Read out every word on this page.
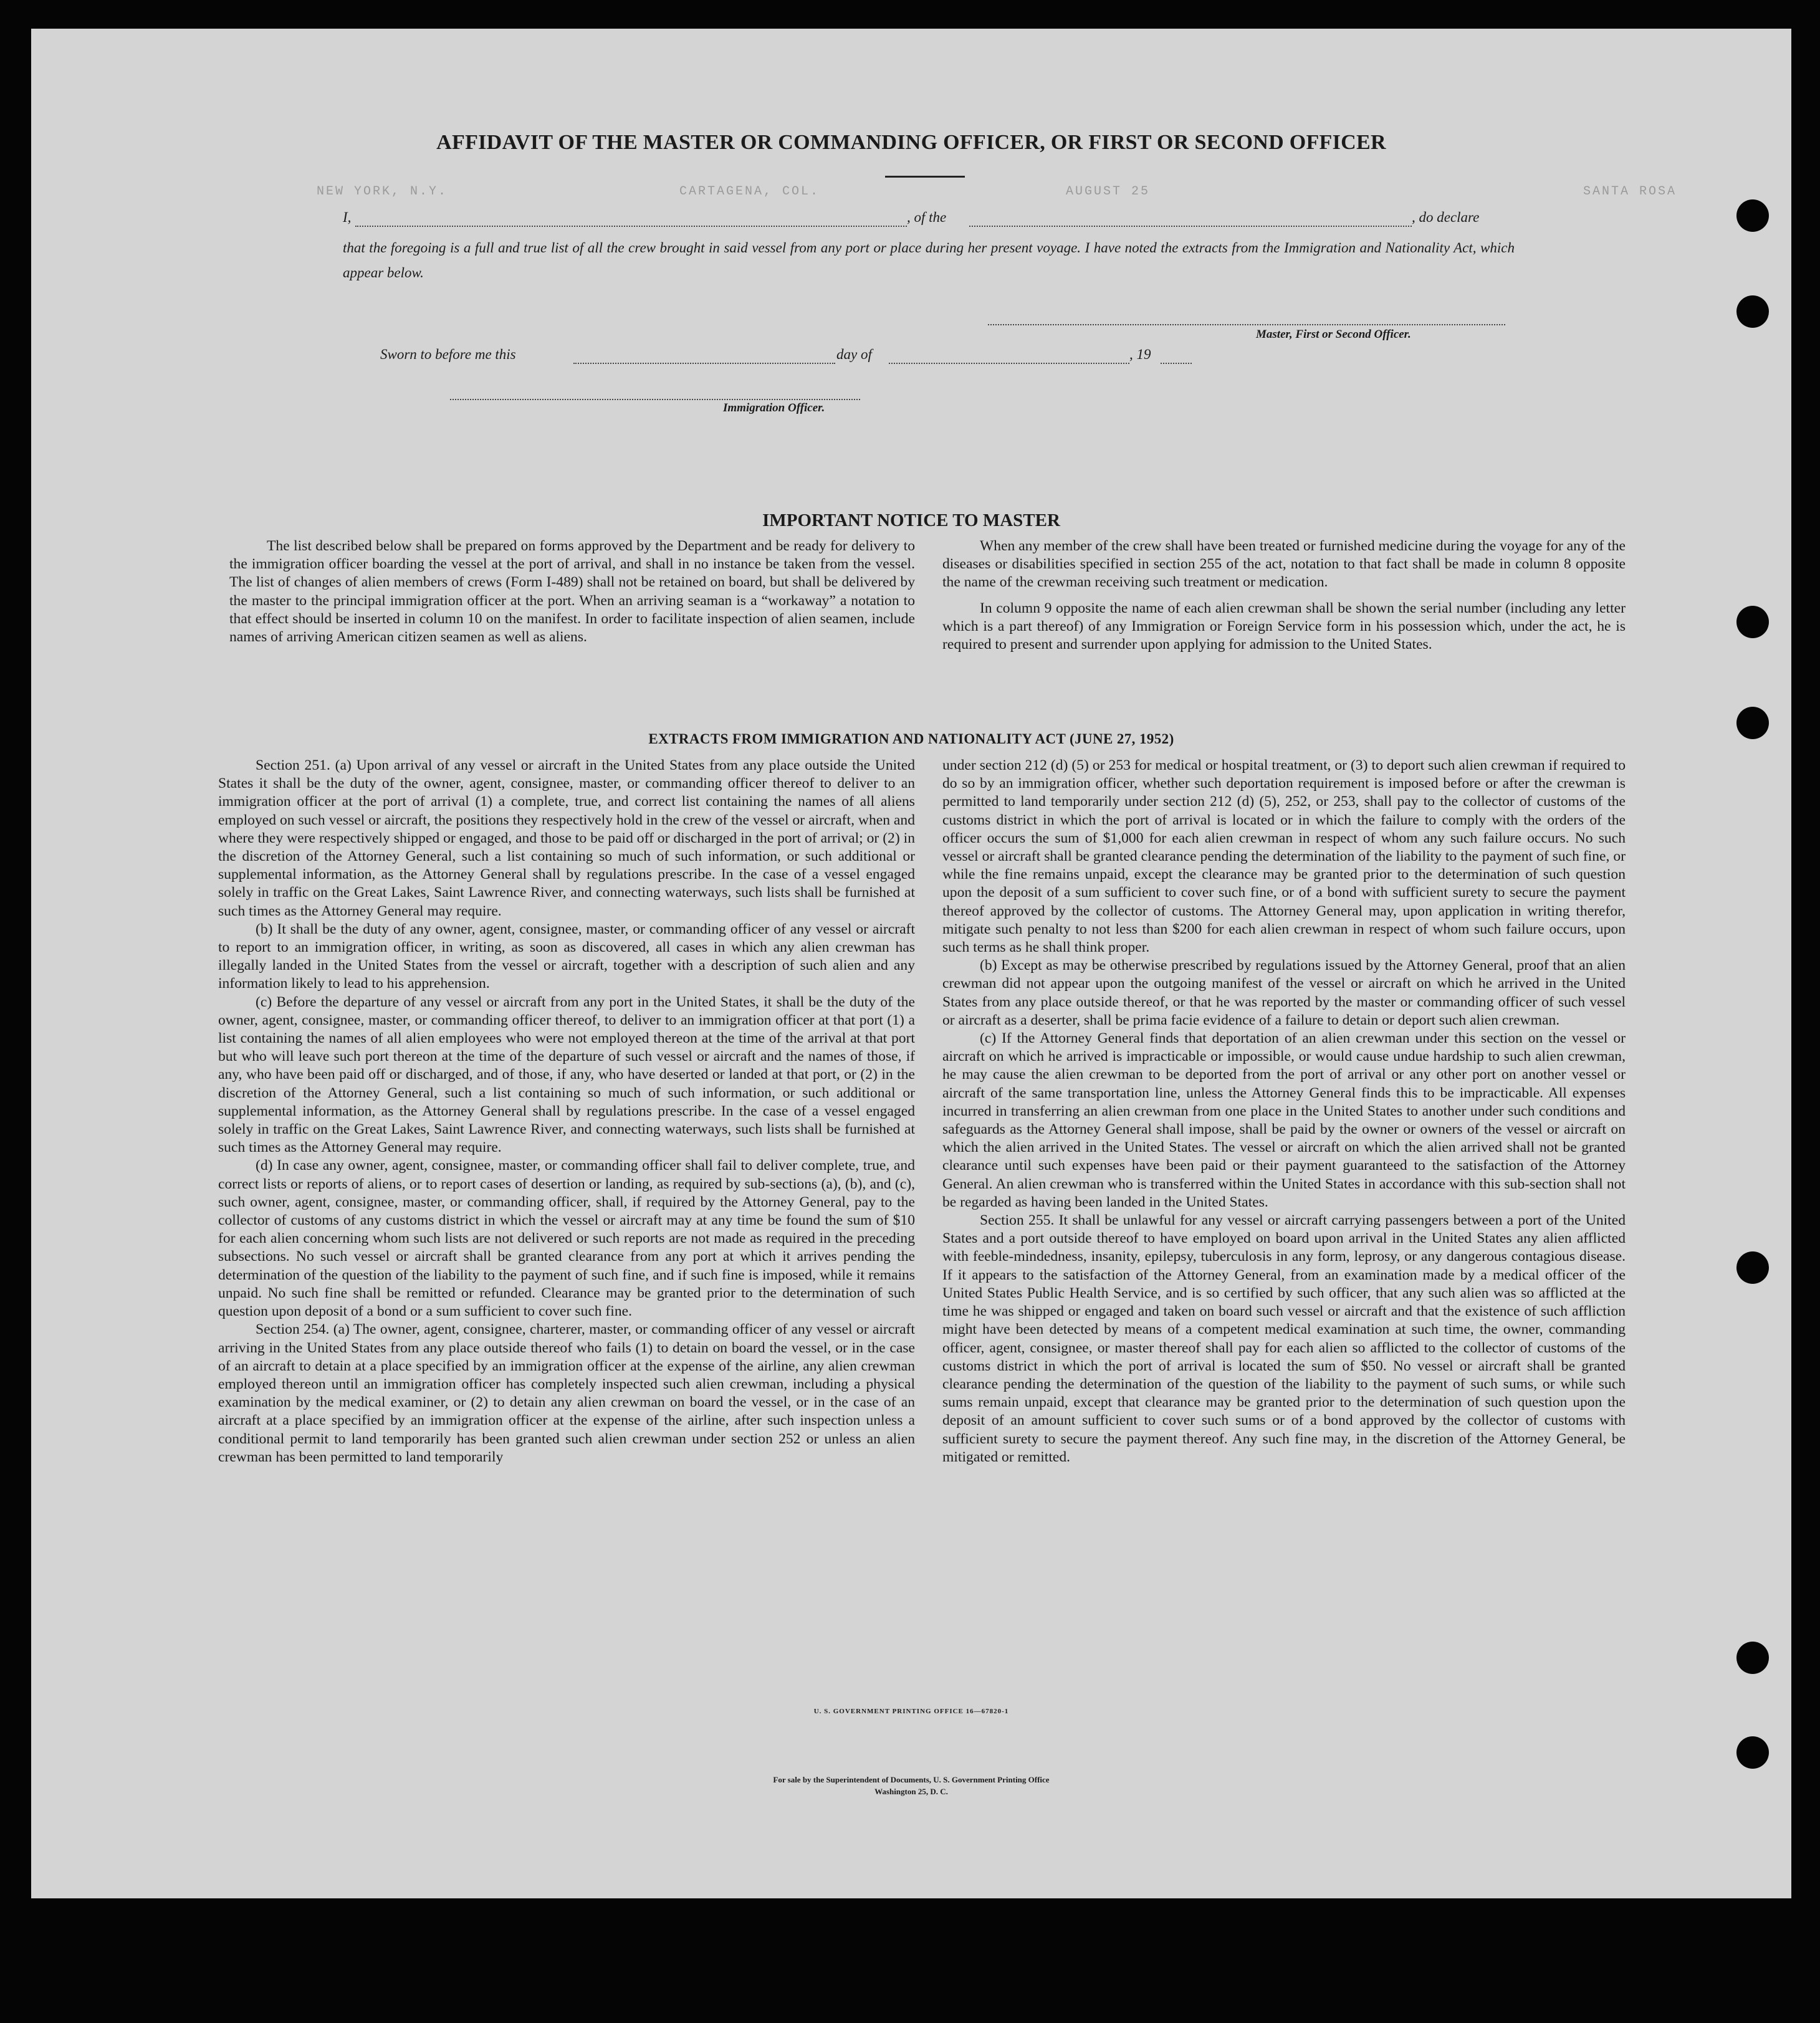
NEW YORK, N.Y.	CARTAGENA, COL.	AUGUST 25	SANTA ROSA
AFFIDAVIT OF THE MASTER OR COMMANDING OFFICER, OR FIRST OR SECOND OFFICER
I,	, of the	, do declare
that the foregoing is a full and true list of all the crew brought in said vessel from any port or place during her present voyage. I have noted the extracts from the Immigration and Nationality Act, which appear below.
Master, First or Second Officer.
Sworn to before me this	day of	, 19
Immigration Officer.
IMPORTANT NOTICE TO MASTER

The list described below shall be prepared on forms approved by the Department and be ready for delivery to the immigration officer boarding the vessel at the port of arrival, and shall in no instance be taken from the vessel. The list of changes of alien members of crews (Form I-489) shall not be retained on board, but shall be delivered by the master to the principal immigration officer at the port. When an arriving seaman is a “workaway” a notation to that effect should be inserted in column 10 on the manifest. In order to facilitate inspection of alien seamen, include names of arriving American citizen seamen as well as aliens.

When any member of the crew shall have been treated or furnished medicine during the voyage for any of the diseases or disabilities specified in section 255 of the act, notation to that fact shall be made in column 8 opposite the name of the crewman receiving such treatment or medication.

In column 9 opposite the name of each alien crewman shall be shown the serial number (including any letter which is a part thereof) of any Immigration or Foreign Service form in his possession which, under the act, he is required to present and surrender upon applying for admission to the United States.

EXTRACTS FROM IMMIGRATION AND NATIONALITY ACT (JUNE 27, 1952)

Section 251. (a) Upon arrival of any vessel or aircraft in the United States from any place outside the United States it shall be the duty of the owner, agent, consignee, master, or commanding officer thereof to deliver to an immigration officer at the port of arrival (1) a complete, true, and correct list containing the names of all aliens employed on such vessel or aircraft, the positions they respectively hold in the crew of the vessel or aircraft, when and where they were respectively shipped or engaged, and those to be paid off or discharged in the port of arrival; or (2) in the discretion of the Attorney General, such a list containing so much of such information, or such additional or supplemental information, as the Attorney General shall by regulations prescribe. In the case of a vessel engaged solely in traffic on the Great Lakes, Saint Lawrence River, and connecting waterways, such lists shall be furnished at such times as the Attorney General may require.

(b) It shall be the duty of any owner, agent, consignee, master, or commanding officer of any vessel or aircraft to report to an immigration officer, in writing, as soon as discovered, all cases in which any alien crewman has illegally landed in the United States from the vessel or aircraft, together with a description of such alien and any information likely to lead to his apprehension.

(c) Before the departure of any vessel or aircraft from any port in the United States, it shall be the duty of the owner, agent, consignee, master, or commanding officer thereof, to deliver to an immigration officer at that port (1) a list containing the names of all alien employees who were not employed thereon at the time of the arrival at that port but who will leave such port thereon at the time of the departure of such vessel or aircraft and the names of those, if any, who have been paid off or discharged, and of those, if any, who have deserted or landed at that port, or (2) in the discretion of the Attorney General, such a list containing so much of such information, or such additional or supplemental information, as the Attorney General shall by regulations prescribe. In the case of a vessel engaged solely in traffic on the Great Lakes, Saint Lawrence River, and connecting waterways, such lists shall be furnished at such times as the Attorney General may require.

(d) In case any owner, agent, consignee, master, or commanding officer shall fail to deliver complete, true, and correct lists or reports of aliens, or to report cases of desertion or landing, as required by sub-sections (a), (b), and (c), such owner, agent, consignee, master, or commanding officer, shall, if required by the Attorney General, pay to the collector of customs of any customs district in which the vessel or aircraft may at any time be found the sum of $10 for each alien concerning whom such lists are not delivered or such reports are not made as required in the preceding subsections. No such vessel or aircraft shall be granted clearance from any port at which it arrives pending the determination of the question of the liability to the payment of such fine, and if such fine is imposed, while it remains unpaid. No such fine shall be remitted or refunded. Clearance may be granted prior to the determination of such question upon deposit of a bond or a sum sufficient to cover such fine.

Section 254. (a) The owner, agent, consignee, charterer, master, or commanding officer of any vessel or aircraft arriving in the United States from any place outside thereof who fails (1) to detain on board the vessel, or in the case of an aircraft to detain at a place specified by an immigration officer at the expense of the airline, any alien crewman employed thereon until an immigration officer has completely inspected such alien crewman, including a physical examination by the medical examiner, or (2) to detain any alien crewman on board the vessel, or in the case of an aircraft at a place specified by an immigration officer at the expense of the airline, after such inspection unless a conditional permit to land temporarily has been granted such alien crewman under section 252 or unless an alien crewman has been permitted to land temporarily

under section 212 (d) (5) or 253 for medical or hospital treatment, or (3) to deport such alien crewman if required to do so by an immigration officer, whether such deportation requirement is imposed before or after the crewman is permitted to land temporarily under section 212 (d) (5), 252, or 253, shall pay to the collector of customs of the customs district in which the port of arrival is located or in which the failure to comply with the orders of the officer occurs the sum of $1,000 for each alien crewman in respect of whom any such failure occurs. No such vessel or aircraft shall be granted clearance pending the determination of the liability to the payment of such fine, or while the fine remains unpaid, except the clearance may be granted prior to the determination of such question upon the deposit of a sum sufficient to cover such fine, or of a bond with sufficient surety to secure the payment thereof approved by the collector of customs. The Attorney General may, upon application in writing therefor, mitigate such penalty to not less than $200 for each alien crewman in respect of whom such failure occurs, upon such terms as he shall think proper.

(b) Except as may be otherwise prescribed by regulations issued by the Attorney General, proof that an alien crewman did not appear upon the outgoing manifest of the vessel or aircraft on which he arrived in the United States from any place outside thereof, or that he was reported by the master or commanding officer of such vessel or aircraft as a deserter, shall be prima facie evidence of a failure to detain or deport such alien crewman.

(c) If the Attorney General finds that deportation of an alien crewman under this section on the vessel or aircraft on which he arrived is impracticable or impossible, or would cause undue hardship to such alien crewman, he may cause the alien crewman to be deported from the port of arrival or any other port on another vessel or aircraft of the same transportation line, unless the Attorney General finds this to be impracticable. All expenses incurred in transferring an alien crewman from one place in the United States to another under such conditions and safeguards as the Attorney General shall impose, shall be paid by the owner or owners of the vessel or aircraft on which the alien arrived in the United States. The vessel or aircraft on which the alien arrived shall not be granted clearance until such expenses have been paid or their payment guaranteed to the satisfaction of the Attorney General. An alien crewman who is transferred within the United States in accordance with this sub-section shall not be regarded as having been landed in the United States.

Section 255. It shall be unlawful for any vessel or aircraft carrying passengers between a port of the United States and a port outside thereof to have employed on board upon arrival in the United States any alien afflicted with feeble-mindedness, insanity, epilepsy, tuberculosis in any form, leprosy, or any dangerous contagious disease. If it appears to the satisfaction of the Attorney General, from an examination made by a medical officer of the United States Public Health Service, and is so certified by such officer, that any such alien was so afflicted at the time he was shipped or engaged and taken on board such vessel or aircraft and that the existence of such affliction might have been detected by means of a competent medical examination at such time, the owner, commanding officer, agent, consignee, or master thereof shall pay for each alien so afflicted to the collector of customs of the customs district in which the port of arrival is located the sum of $50. No vessel or aircraft shall be granted clearance pending the determination of the question of the liability to the payment of such sums, or while such sums remain unpaid, except that clearance may be granted prior to the determination of such question upon the deposit of an amount sufficient to cover such sums or of a bond approved by the collector of customs with sufficient surety to secure the payment thereof. Any such fine may, in the discretion of the Attorney General, be mitigated or remitted.

U. S. GOVERNMENT PRINTING OFFICE 16—67820-1
For sale by the Superintendent of Documents, U. S. Government Printing Office
Washington 25, D. C.
